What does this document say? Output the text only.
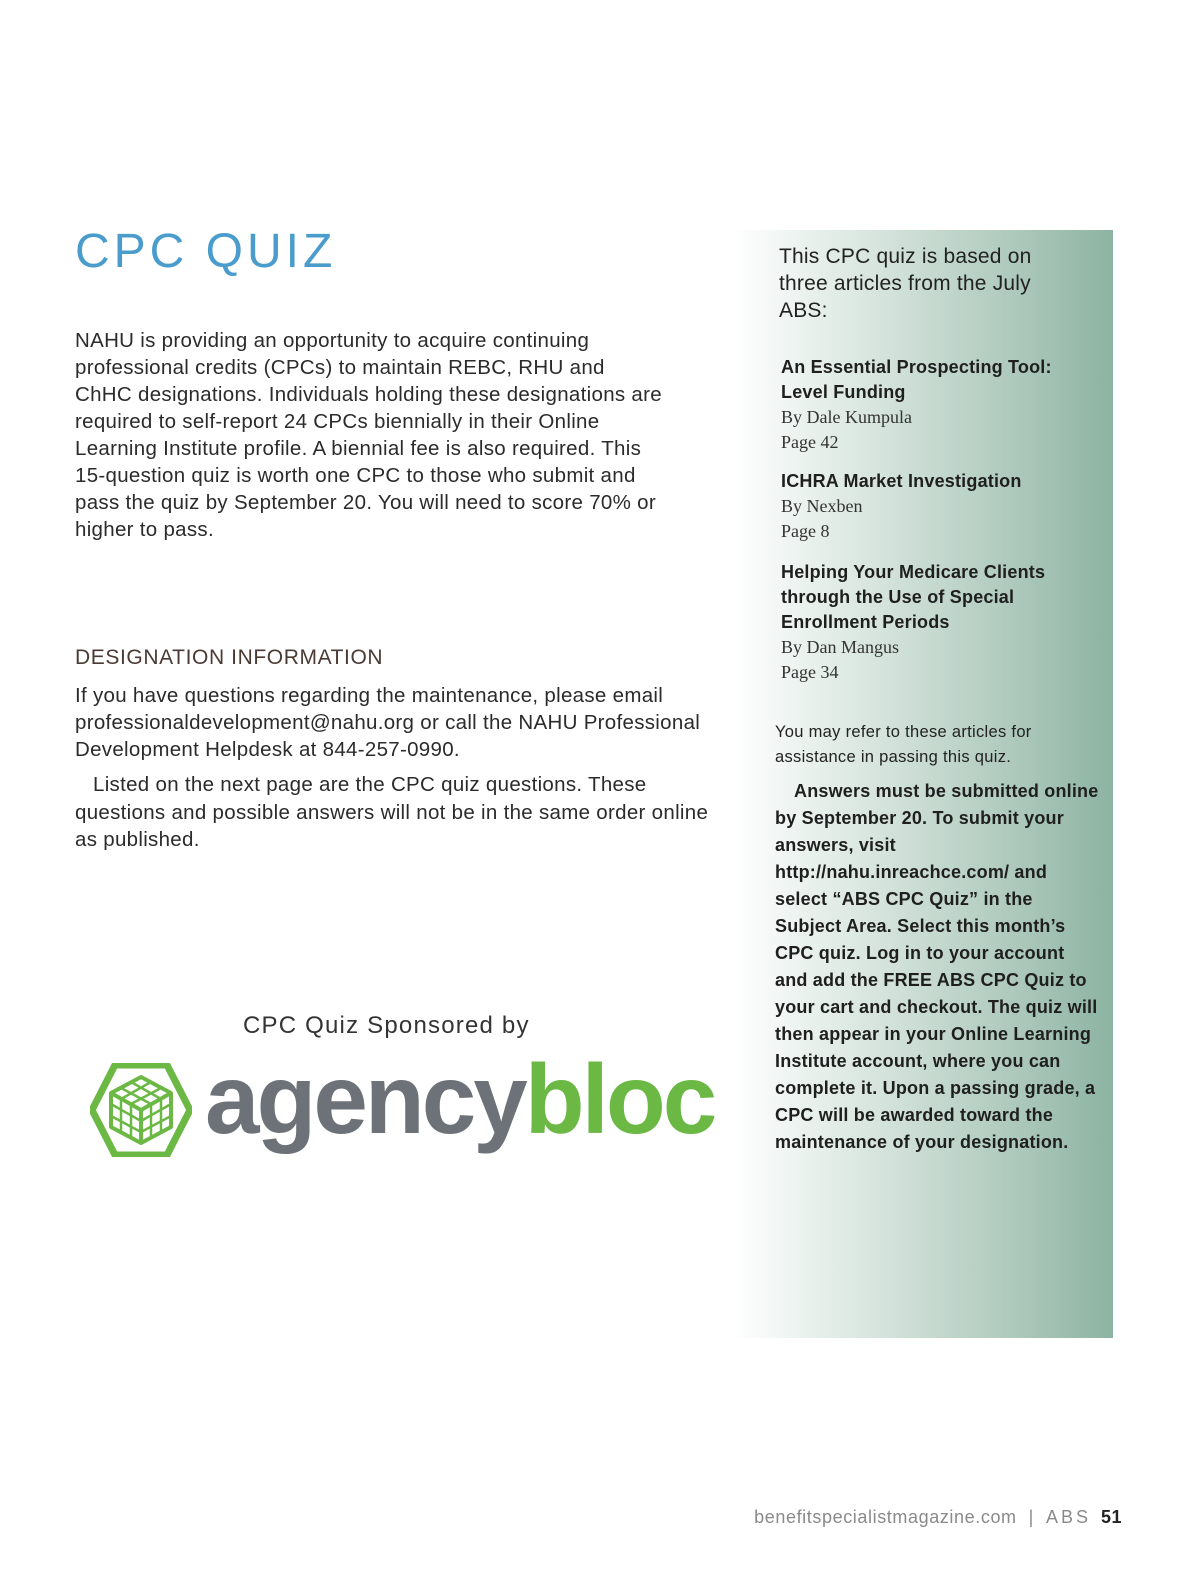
CPC QUIZ

NAHU is providing an opportunity to acquire continuing professional credits (CPCs) to maintain REBC, RHU and ChHC designations. Individuals holding these designations are required to self-report 24 CPCs biennially in their Online Learning Institute profile. A biennial fee is also required. This 15-question quiz is worth one CPC to those who submit and pass the quiz by September 20. You will need to score 70% or higher to pass.

DESIGNATION INFORMATION

If you have questions regarding the maintenance, please email professionaldevelopment@nahu.org or call the NAHU Professional Development Helpdesk at 844-257-0990.

Listed on the next page are the CPC quiz questions. These questions and possible answers will not be in the same order online as published.

CPC Quiz Sponsored by

agencybloc

This CPC quiz is based on three articles from the July ABS:

An Essential Prospecting Tool: Level Funding
By Dale Kumpula
Page 42
ICHRA Market Investigation
By Nexben
Page 8
Helping Your Medicare Clients through the Use of Special Enrollment Periods
By Dan Mangus
Page 34

You may refer to these articles for assistance in passing this quiz.

Answers must be submitted online by September 20. To submit your answers, visit http://nahu.inreachce.com/ and select “ABS CPC Quiz” in the Subject Area. Select this month’s CPC quiz. Log in to your account and add the FREE ABS CPC Quiz to your cart and checkout. The quiz will then appear in your Online Learning Institute account, where you can complete it. Upon a passing grade, a CPC will be awarded toward the maintenance of your designation.

benefitspecialistmagazine.com | ABS 51
